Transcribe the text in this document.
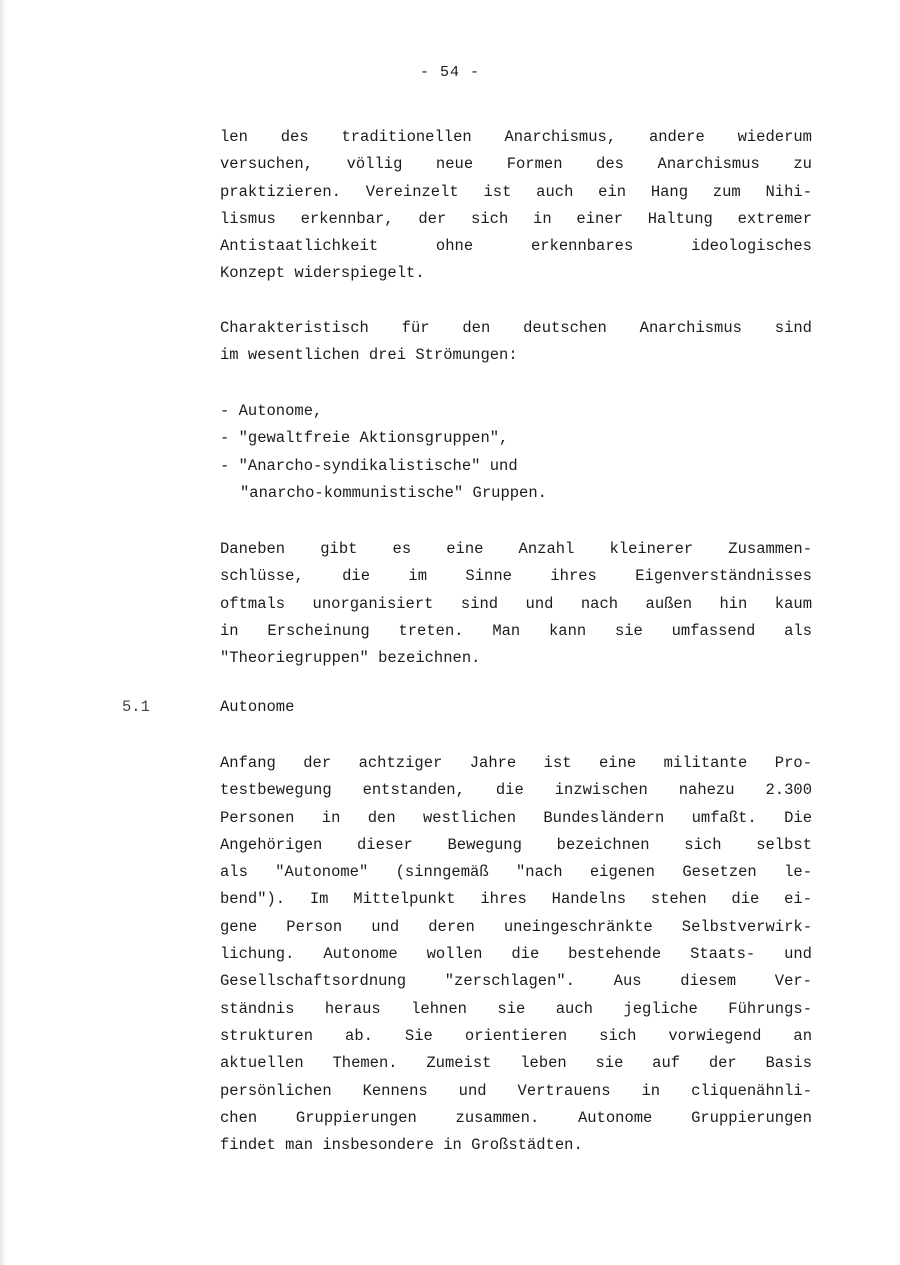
- 54 -
len des traditionellen Anarchismus, andere wiederum
versuchen, völlig neue Formen des Anarchismus zu
praktizieren. Vereinzelt ist auch ein Hang zum Nihi-
lismus erkennbar, der sich in einer Haltung extremer
Antistaatlichkeit ohne erkennbares ideologisches
Konzept widerspiegelt.
Charakteristisch für den deutschen Anarchismus sind
im wesentlichen drei Strömungen:
- Autonome,
- "gewaltfreie Aktionsgruppen",
- "Anarcho-syndikalistische" und
"anarcho-kommunistische" Gruppen.
Daneben gibt es eine Anzahl kleinerer Zusammen-
schlüsse, die im Sinne ihres Eigenverständnisses
oftmals unorganisiert sind und nach außen hin kaum
in Erscheinung treten. Man kann sie umfassend als
"Theoriegruppen" bezeichnen.
5.1	Autonome
Anfang der achtziger Jahre ist eine militante Pro-
testbewegung entstanden, die inzwischen nahezu 2.300
Personen in den westlichen Bundesländern umfaßt. Die
Angehörigen dieser Bewegung bezeichnen sich selbst
als "Autonome" (sinngemäß "nach eigenen Gesetzen le-
bend"). Im Mittelpunkt ihres Handelns stehen die ei-
gene Person und deren uneingeschränkte Selbstverwirk-
lichung. Autonome wollen die bestehende Staats- und
Gesellschaftsordnung "zerschlagen". Aus diesem Ver-
ständnis heraus lehnen sie auch jegliche Führungs-
strukturen ab. Sie orientieren sich vorwiegend an
aktuellen Themen. Zumeist leben sie auf der Basis
persönlichen Kennens und Vertrauens in cliquenähnli-
chen Gruppierungen zusammen. Autonome Gruppierungen
findet man insbesondere in Großstädten.
